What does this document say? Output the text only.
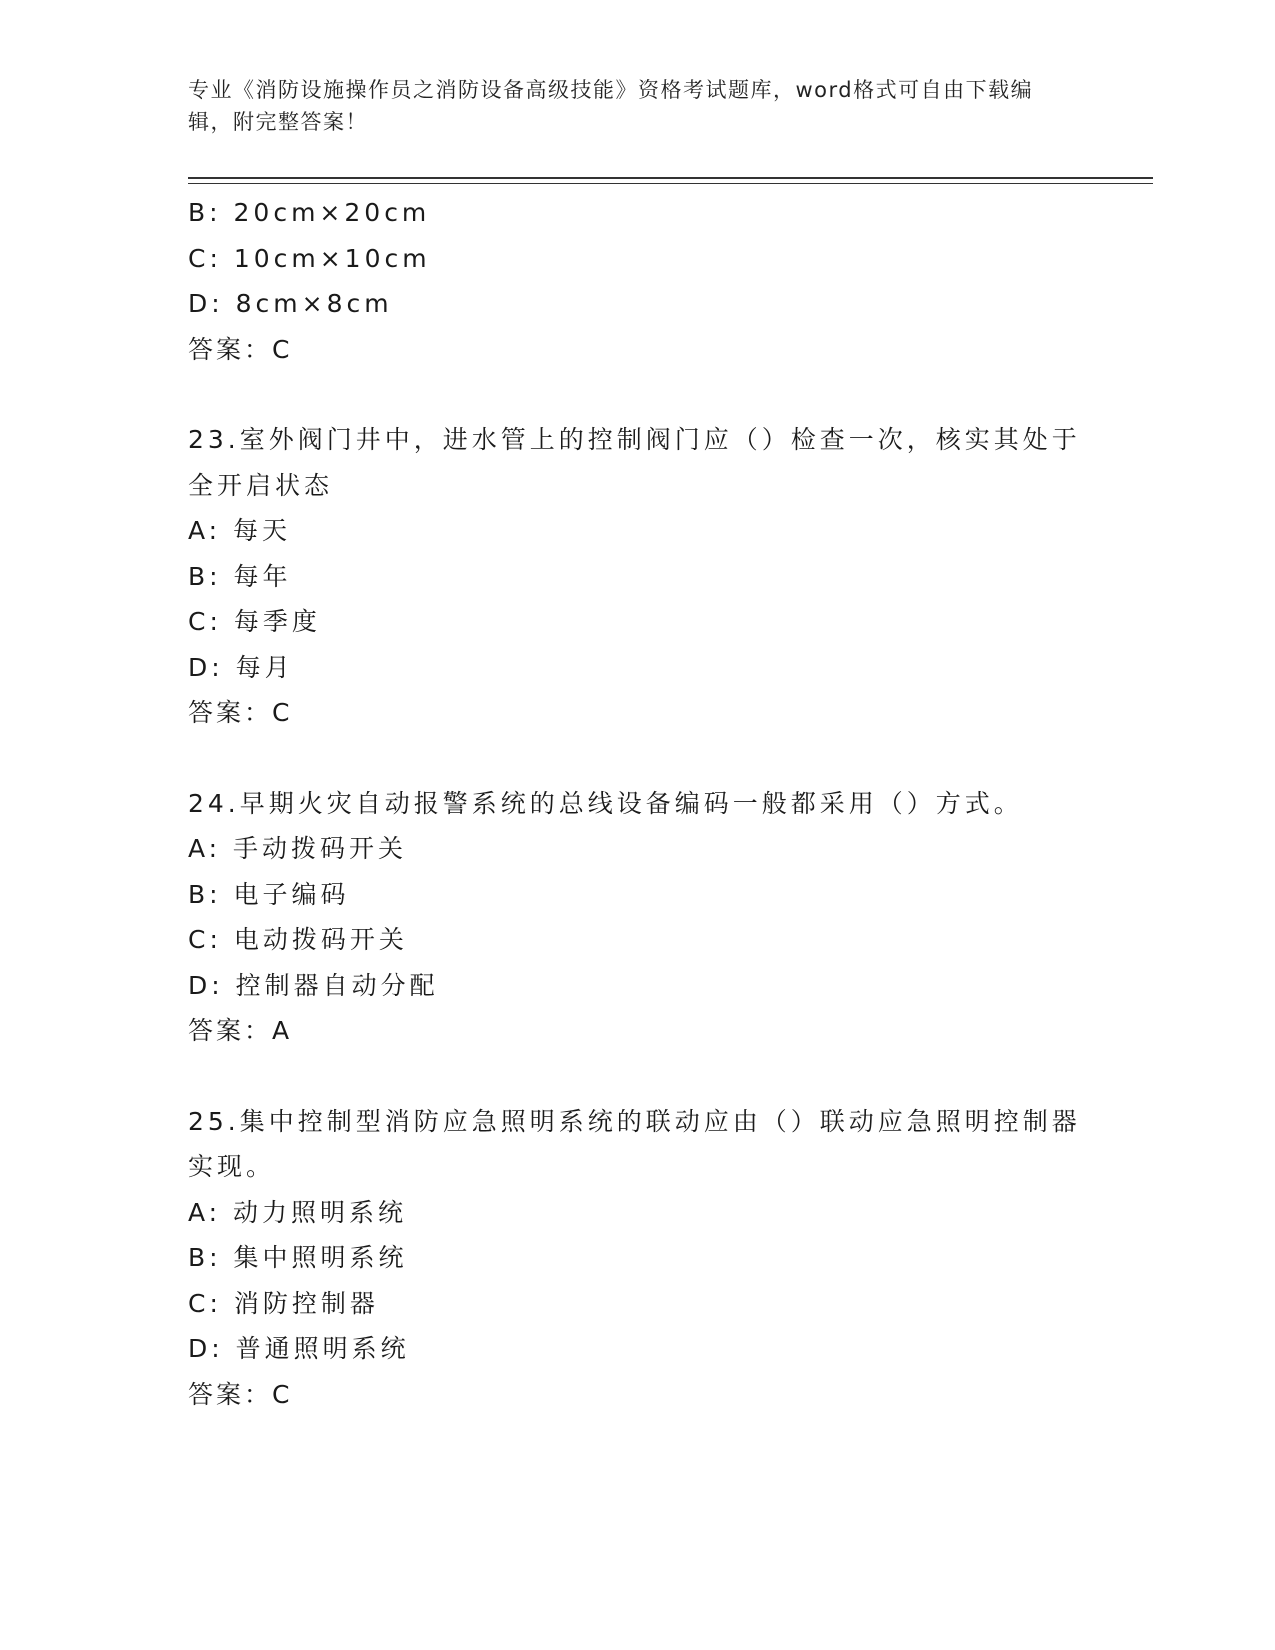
专业《消防设施操作员之消防设备高级技能》资格考试题库，word格式可自由下载编辑，附完整答案！
B: 20cm×20cm
C: 10cm×10cm
D: 8cm×8cm
答案：C
23.室外阀门井中，进水管上的控制阀门应（）检查一次，核实其处于全开启状态
A: 每天
B: 每年
C: 每季度
D: 每月
答案：C
24.早期火灾自动报警系统的总线设备编码一般都采用（）方式。
A: 手动拨码开关
B: 电子编码
C: 电动拨码开关
D: 控制器自动分配
答案：A
25.集中控制型消防应急照明系统的联动应由（）联动应急照明控制器实现。
A: 动力照明系统
B: 集中照明系统
C: 消防控制器
D: 普通照明系统
答案：C
